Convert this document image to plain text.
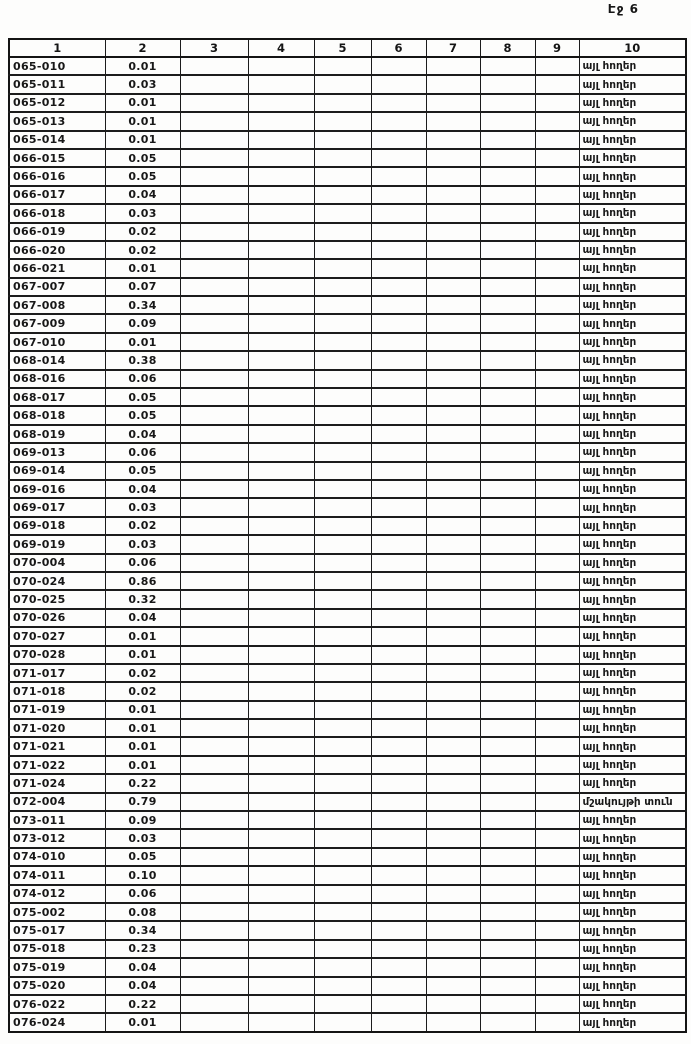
Էջ 6
1	2	3	4	5	6	7	8	9	10
065-010	0.01								այլ հողեր
065-011	0.03								այլ հողեր
065-012	0.01								այլ հողեր
065-013	0.01								այլ հողեր
065-014	0.01								այլ հողեր
066-015	0.05								այլ հողեր
066-016	0.05								այլ հողեր
066-017	0.04								այլ հողեր
066-018	0.03								այլ հողեր
066-019	0.02								այլ հողեր
066-020	0.02								այլ հողեր
066-021	0.01								այլ հողեր
067-007	0.07								այլ հողեր
067-008	0.34								այլ հողեր
067-009	0.09								այլ հողեր
067-010	0.01								այլ հողեր
068-014	0.38								այլ հողեր
068-016	0.06								այլ հողեր
068-017	0.05								այլ հողեր
068-018	0.05								այլ հողեր
068-019	0.04								այլ հողեր
069-013	0.06								այլ հողեր
069-014	0.05								այլ հողեր
069-016	0.04								այլ հողեր
069-017	0.03								այլ հողեր
069-018	0.02								այլ հողեր
069-019	0.03								այլ հողեր
070-004	0.06								այլ հողեր
070-024	0.86								այլ հողեր
070-025	0.32								այլ հողեր
070-026	0.04								այլ հողեր
070-027	0.01								այլ հողեր
070-028	0.01								այլ հողեր
071-017	0.02								այլ հողեր
071-018	0.02								այլ հողեր
071-019	0.01								այլ հողեր
071-020	0.01								այլ հողեր
071-021	0.01								այլ հողեր
071-022	0.01								այլ հողեր
071-024	0.22								այլ հողեր
072-004	0.79								մշակույթի տուն
073-011	0.09								այլ հողեր
073-012	0.03								այլ հողեր
074-010	0.05								այլ հողեր
074-011	0.10								այլ հողեր
074-012	0.06								այլ հողեր
075-002	0.08								այլ հողեր
075-017	0.34								այլ հողեր
075-018	0.23								այլ հողեր
075-019	0.04								այլ հողեր
075-020	0.04								այլ հողեր
076-022	0.22								այլ հողեր
076-024	0.01								այլ հողեր
